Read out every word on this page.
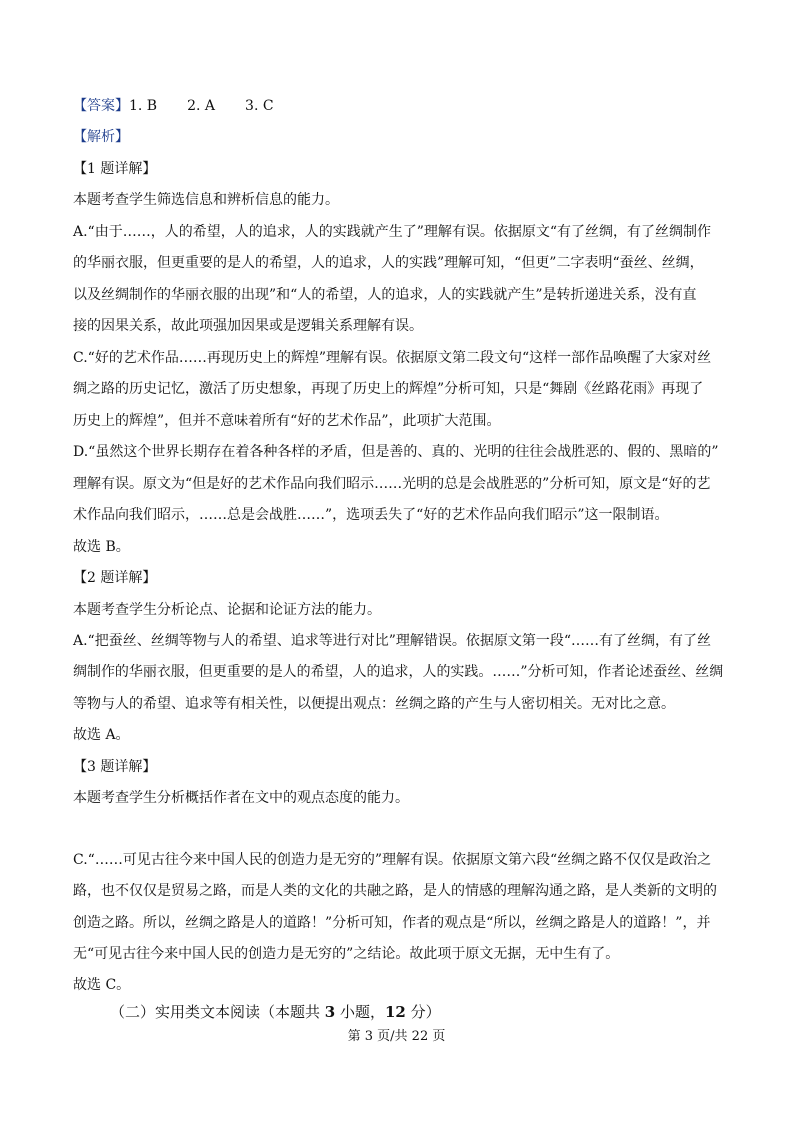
【答案】1. B 2. A 3. C
【解析】
【1 题详解】
本题考查学生筛选信息和辨析信息的能力。
A.“由于……，人的希望，人的追求，人的实践就产生了”理解有误。依据原文“有了丝绸，有了丝绸制作
的华丽衣服，但更重要的是人的希望，人的追求，人的实践”理解可知，“但更”二字表明“蚕丝、丝绸，
以及丝绸制作的华丽衣服的出现”和“人的希望，人的追求，人的实践就产生”是转折递进关系，没有直
接的因果关系，故此项强加因果或是逻辑关系理解有误。
C.“好的艺术作品……再现历史上的辉煌”理解有误。依据原文第二段文句“这样一部作品唤醒了大家对丝
绸之路的历史记忆，激活了历史想象，再现了历史上的辉煌”分析可知，只是“舞剧《丝路花雨》再现了
历史上的辉煌”，但并不意味着所有“好的艺术作品”，此项扩大范围。
D.“虽然这个世界长期存在着各种各样的矛盾，但是善的、真的、光明的往往会战胜恶的、假的、黑暗的”
理解有误。原文为“但是好的艺术作品向我们昭示……光明的总是会战胜恶的”分析可知，原文是“好的艺
术作品向我们昭示，……总是会战胜……”，选项丢失了“好的艺术作品向我们昭示”这一限制语。
故选 B。
【2 题详解】
本题考查学生分析论点、论据和论证方法的能力。
A.“把蚕丝、丝绸等物与人的希望、追求等进行对比”理解错误。依据原文第一段“……有了丝绸，有了丝
绸制作的华丽衣服，但更重要的是人的希望，人的追求，人的实践。……”分析可知，作者论述蚕丝、丝绸
等物与人的希望、追求等有相关性，以便提出观点：丝绸之路的产生与人密切相关。无对比之意。
故选 A。
【3 题详解】
本题考查学生分析概括作者在文中的观点态度的能力。
C.“……可见古往今来中国人民的创造力是无穷的”理解有误。依据原文第六段“丝绸之路不仅仅是政治之
路，也不仅仅是贸易之路，而是人类的文化的共融之路，是人的情感的理解沟通之路，是人类新的文明的
创造之路。所以，丝绸之路是人的道路！”分析可知，作者的观点是“所以，丝绸之路是人的道路！”，并
无“可见古往今来中国人民的创造力是无穷的”之结论。故此项于原文无据，无中生有了。
故选 C。
（二）实用类文本阅读（本题共 3 小题，12 分）
第 3 页/共 22 页
